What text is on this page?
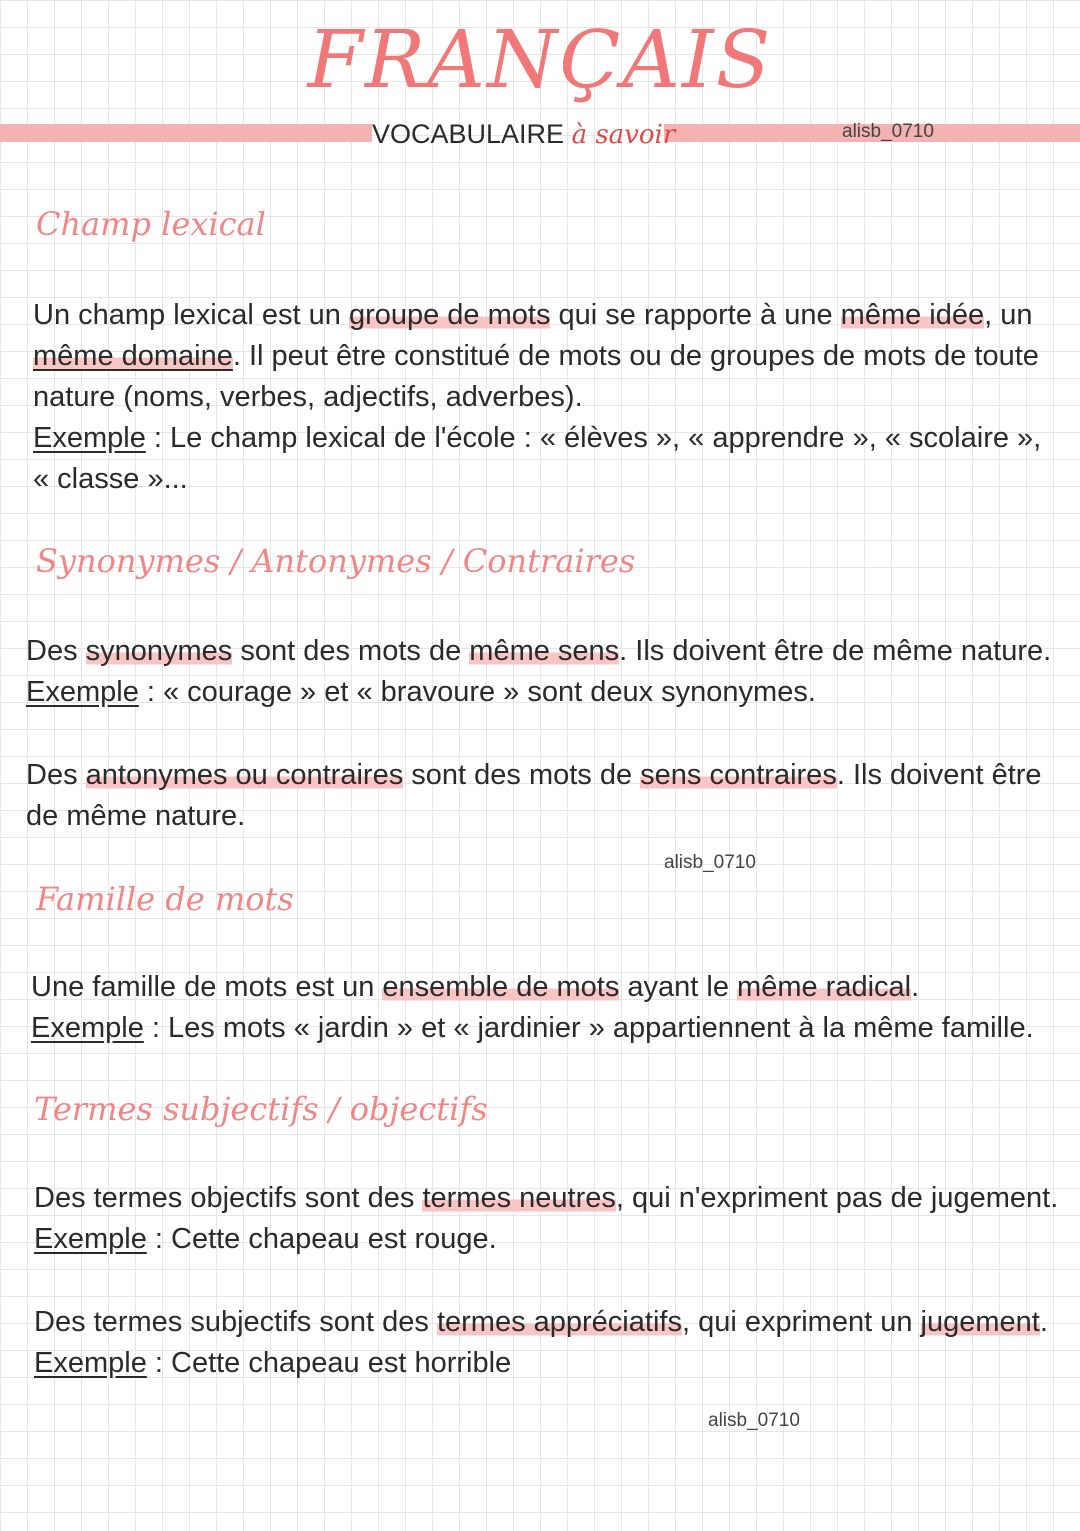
FRANÇAIS
VOCABULAIRE à savoir	alisb_0710
alisb_0710
alisb_0710
Champ lexical
Un champ lexical est un groupe de mots qui se rapporte à une même idée, un
même domaine. Il peut être constitué de mots ou de groupes de mots de toute
nature (noms, verbes, adjectifs, adverbes).
Exemple : Le champ lexical de l'école : « élèves », « apprendre », « scolaire »,
« classe »...
Synonymes / Antonymes / Contraires
Des synonymes sont des mots de même sens. Ils doivent être de même nature.
Exemple : « courage » et « bravoure » sont deux synonymes.
Des antonymes ou contraires sont des mots de sens contraires. Ils doivent être
de même nature.
Famille de mots
Une famille de mots est un ensemble de mots ayant le même radical.
Exemple : Les mots « jardin » et « jardinier » appartiennent à la même famille.
Termes subjectifs / objectifs
Des termes objectifs sont des termes neutres, qui n'expriment pas de jugement.
Exemple : Cette chapeau est rouge.
Des termes subjectifs sont des termes appréciatifs, qui expriment un jugement.
Exemple : Cette chapeau est horrible
